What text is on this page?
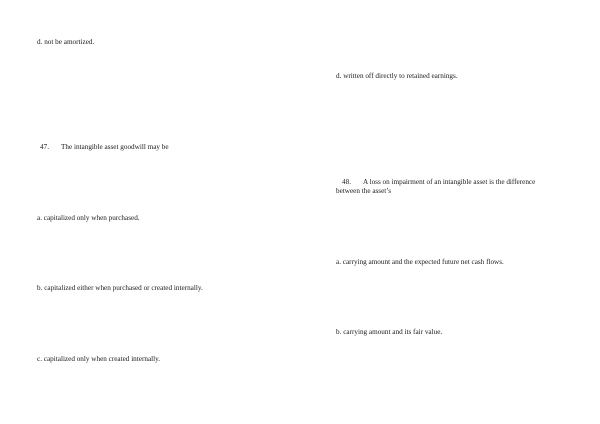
d. not be amortized.
47. The intangible asset goodwill may be
a. capitalized only when purchased.
b. capitalized either when purchased or created internally.
c. capitalized only when created internally.
d. written off directly to retained earnings.
48. A loss on impairment of an intangible asset is the difference
between the asset’s
a. carrying amount and the expected future net cash flows.
b. carrying amount and its fair value.
